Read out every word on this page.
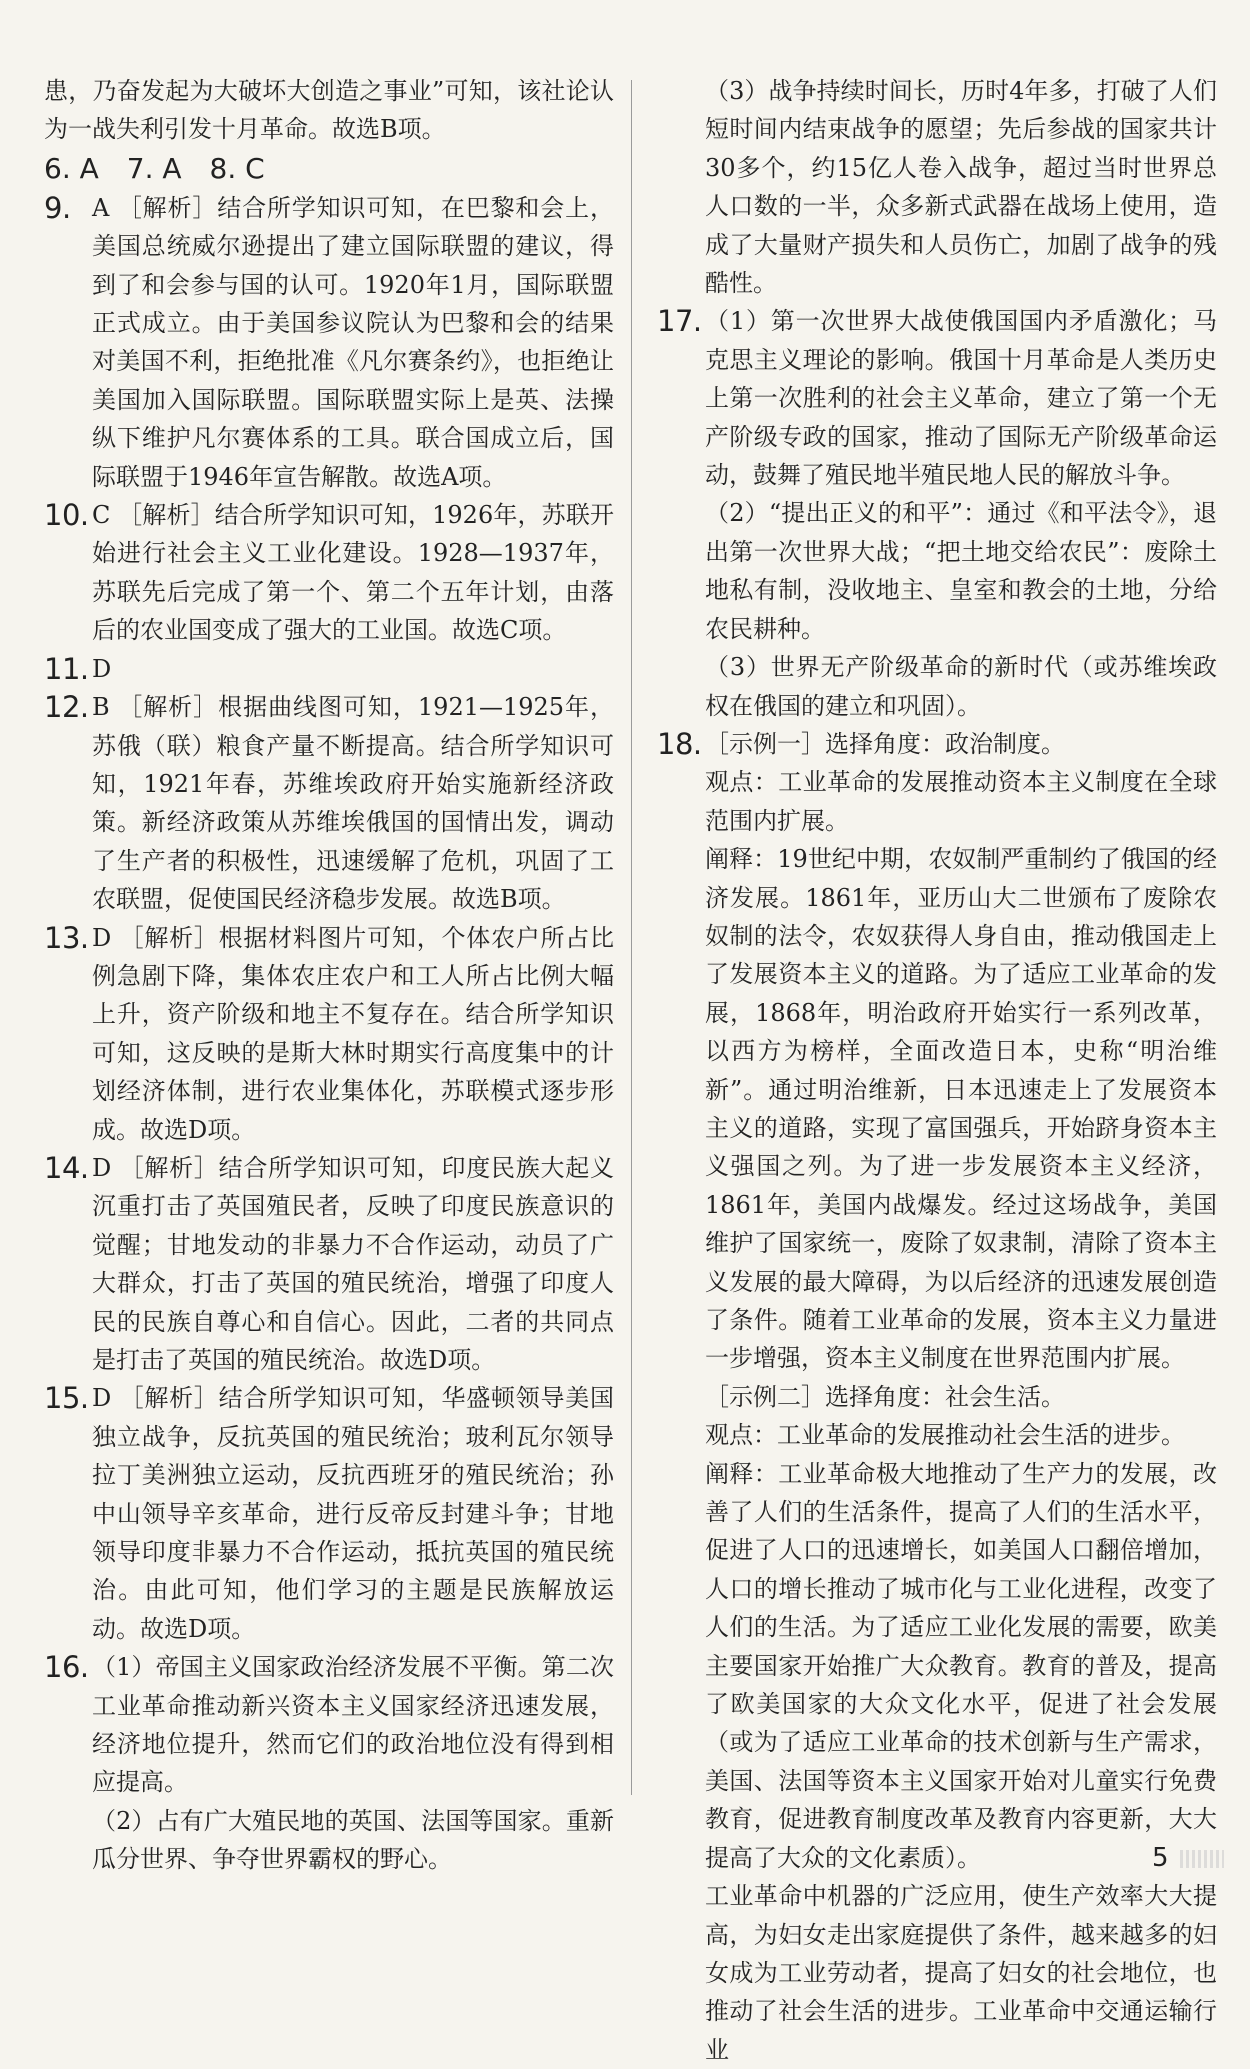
患，乃奋发起为大破坏大创造之事业”可知，该社论认为一战失利引发十月革命。故选B项。

6. A　7. A　8. C

9. A ［解析］结合所学知识可知，在巴黎和会上，美国总统威尔逊提出了建立国际联盟的建议，得到了和会参与国的认可。1920年1月，国际联盟正式成立。由于美国参议院认为巴黎和会的结果对美国不利，拒绝批准《凡尔赛条约》，也拒绝让美国加入国际联盟。国际联盟实际上是英、法操纵下维护凡尔赛体系的工具。联合国成立后，国际联盟于1946年宣告解散。故选A项。

10. C ［解析］结合所学知识可知，1926年，苏联开始进行社会主义工业化建设。1928—1937年，苏联先后完成了第一个、第二个五年计划，由落后的农业国变成了强大的工业国。故选C项。

11. D

12. B ［解析］根据曲线图可知，1921—1925年，苏俄（联）粮食产量不断提高。结合所学知识可知，1921年春，苏维埃政府开始实施新经济政策。新经济政策从苏维埃俄国的国情出发，调动了生产者的积极性，迅速缓解了危机，巩固了工农联盟，促使国民经济稳步发展。故选B项。

13. D ［解析］根据材料图片可知，个体农户所占比例急剧下降，集体农庄农户和工人所占比例大幅上升，资产阶级和地主不复存在。结合所学知识可知，这反映的是斯大林时期实行高度集中的计划经济体制，进行农业集体化，苏联模式逐步形成。故选D项。

14. D ［解析］结合所学知识可知，印度民族大起义沉重打击了英国殖民者，反映了印度民族意识的觉醒；甘地发动的非暴力不合作运动，动员了广大群众，打击了英国的殖民统治，增强了印度人民的民族自尊心和自信心。因此，二者的共同点是打击了英国的殖民统治。故选D项。

15. D ［解析］结合所学知识可知，华盛顿领导美国独立战争，反抗英国的殖民统治；玻利瓦尔领导拉丁美洲独立运动，反抗西班牙的殖民统治；孙中山领导辛亥革命，进行反帝反封建斗争；甘地领导印度非暴力不合作运动，抵抗英国的殖民统治。由此可知，他们学习的主题是民族解放运动。故选D项。

16. （1）帝国主义国家政治经济发展不平衡。第二次工业革命推动新兴资本主义国家经济迅速发展，经济地位提升，然而它们的政治地位没有得到相应提高。

（2）占有广大殖民地的英国、法国等国家。重新瓜分世界、争夺世界霸权的野心。

（3）战争持续时间长，历时4年多，打破了人们短时间内结束战争的愿望；先后参战的国家共计30多个，约15亿人卷入战争，超过当时世界总人口数的一半，众多新式武器在战场上使用，造成了大量财产损失和人员伤亡，加剧了战争的残酷性。

17. （1）第一次世界大战使俄国国内矛盾激化；马克思主义理论的影响。俄国十月革命是人类历史上第一次胜利的社会主义革命，建立了第一个无产阶级专政的国家，推动了国际无产阶级革命运动，鼓舞了殖民地半殖民地人民的解放斗争。

（2）“提出正义的和平”：通过《和平法令》，退出第一次世界大战；“把土地交给农民”：废除土地私有制，没收地主、皇室和教会的土地，分给农民耕种。

（3）世界无产阶级革命的新时代（或苏维埃政权在俄国的建立和巩固）。

18. ［示例一］选择角度：政治制度。

观点：工业革命的发展推动资本主义制度在全球范围内扩展。

阐释：19世纪中期，农奴制严重制约了俄国的经济发展。1861年，亚历山大二世颁布了废除农奴制的法令，农奴获得人身自由，推动俄国走上了发展资本主义的道路。为了适应工业革命的发展，1868年，明治政府开始实行一系列改革，以西方为榜样，全面改造日本，史称“明治维新”。通过明治维新，日本迅速走上了发展资本主义的道路，实现了富国强兵，开始跻身资本主义强国之列。为了进一步发展资本主义经济，1861年，美国内战爆发。经过这场战争，美国维护了国家统一，废除了奴隶制，清除了资本主义发展的最大障碍，为以后经济的迅速发展创造了条件。随着工业革命的发展，资本主义力量进一步增强，资本主义制度在世界范围内扩展。

［示例二］选择角度：社会生活。

观点：工业革命的发展推动社会生活的进步。

阐释：工业革命极大地推动了生产力的发展，改善了人们的生活条件，提高了人们的生活水平，促进了人口的迅速增长，如美国人口翻倍增加，人口的增长推动了城市化与工业化进程，改变了人们的生活。为了适应工业化发展的需要，欧美主要国家开始推广大众教育。教育的普及，提高了欧美国家的大众文化水平，促进了社会发展（或为了适应工业革命的技术创新与生产需求，美国、法国等资本主义国家开始对儿童实行免费教育，促进教育制度改革及教育内容更新，大大提高了大众的文化素质）。

工业革命中机器的广泛应用，使生产效率大大提高，为妇女走出家庭提供了条件，越来越多的妇女成为工业劳动者，提高了妇女的社会地位，也推动了社会生活的进步。工业革命中交通运输行业

5
